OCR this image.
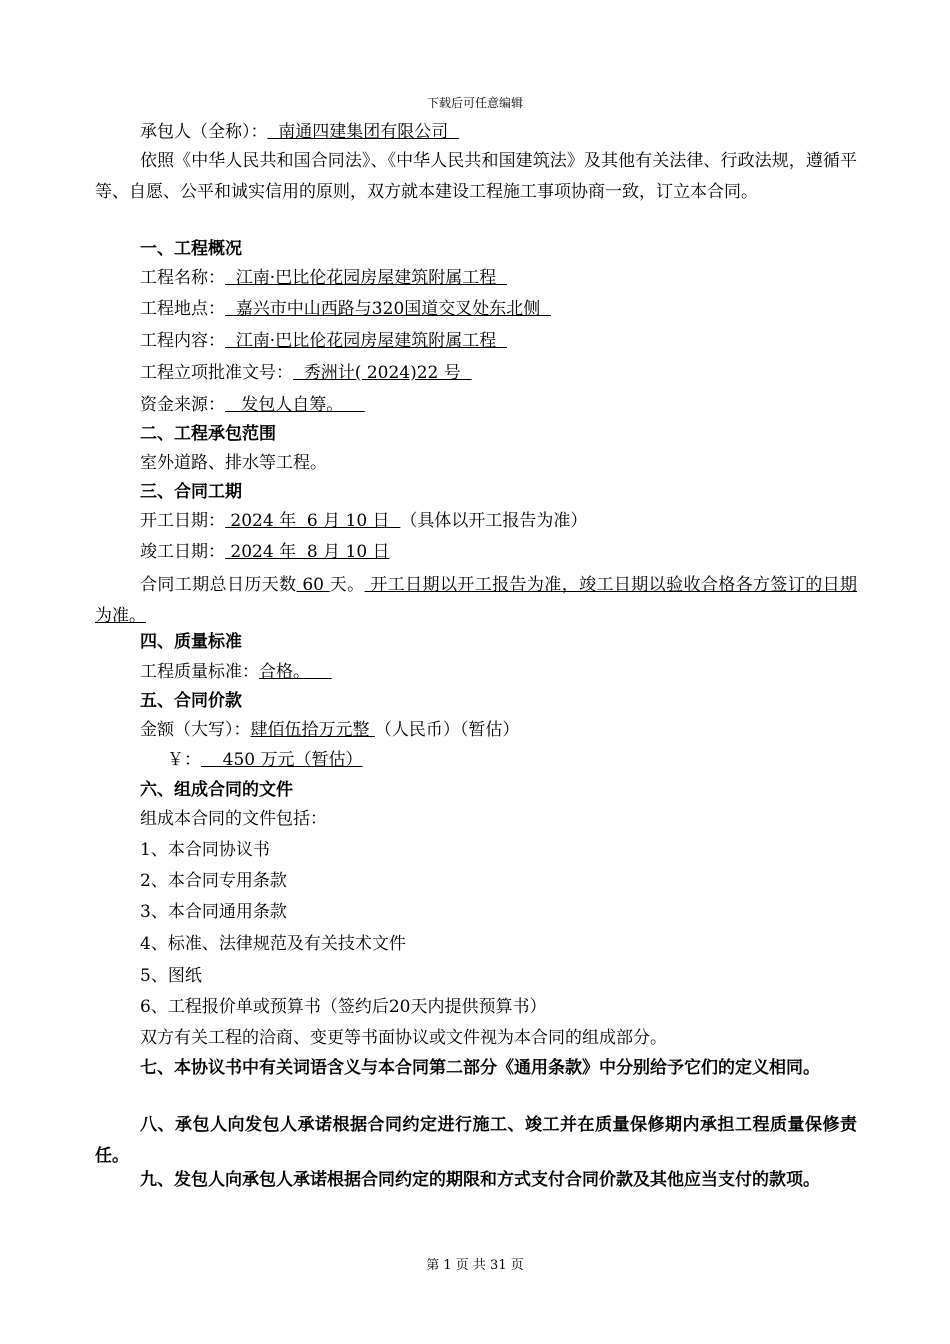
下载后可任意编辑
承包人（全称）：  南通四建集团有限公司
依照《中华人民共和国合同法》、《中华人民共和国建筑法》及其他有关法律、行政法规，遵循平等、自愿、公平和诚实信用的原则，双方就本建设工程施工事项协商一致，订立本合同。
一、工程概况
工程名称：  江南·巴比伦花园房屋建筑附属工程
工程地点：  嘉兴市中山西路与320国道交叉处东北侧
工程内容：  江南·巴比伦花园房屋建筑附属工程
工程立项批准文号：  秀洲计( 2024)22 号
资金来源：   发包人自筹。
二、工程承包范围
室外道路、排水等工程。
三、合同工期
开工日期： 2024 年  6 月 10 日  （具体以开工报告为准）
竣工日期： 2024 年  8 月 10 日
合同工期总日历天数 60 天。 开工日期以开工报告为准，竣工日期以验收合格各方签订的日期为准。
四、质量标准
工程质量标准：合格。
五、合同价款
金额（大写）：肆佰伍拾万元整 （人民币）（暂估）
￥：    450 万元（暂估）
六、组成合同的文件
组成本合同的文件包括：
1、本合同协议书
2、本合同专用条款
3、本合同通用条款
4、标准、法律规范及有关技术文件
5、图纸
6、工程报价单或预算书（签约后20天内提供预算书）
双方有关工程的洽商、变更等书面协议或文件视为本合同的组成部分。
七、本协议书中有关词语含义与本合同第二部分《通用条款》中分别给予它们的定义相同。
八、承包人向发包人承诺根据合同约定进行施工、竣工并在质量保修期内承担工程质量保修责任。
九、发包人向承包人承诺根据合同约定的期限和方式支付合同价款及其他应当支付的款项。
第 1 页 共 31 页
